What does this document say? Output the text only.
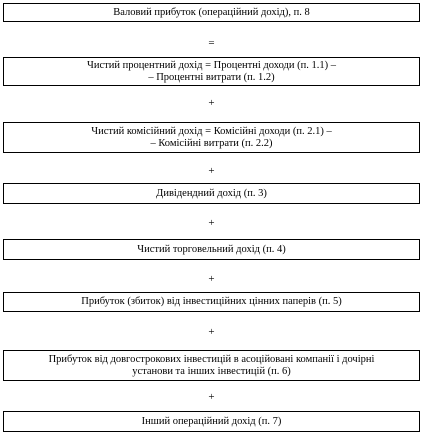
Валовий прибуток (операційний дохід), п. 8
=
Чистий процентний дохід = Процентні доходи (п. 1.1) –
– Процентні витрати (п. 1.2)
+
Чистий комісійний дохід = Комісійні доходи (п. 2.1) –
– Комісійні витрати (п. 2.2)
+
Дивідендний дохід (п. 3)
+
Чистий торговельний дохід (п. 4)
+
Прибуток (збиток) від інвестиційних цінних паперів (п. 5)
+
Прибуток від довгострокових інвестицій в асоційовані компанії і дочірні
установи та інших інвестицій (п. 6)
+
Інший операційний дохід (п. 7)
